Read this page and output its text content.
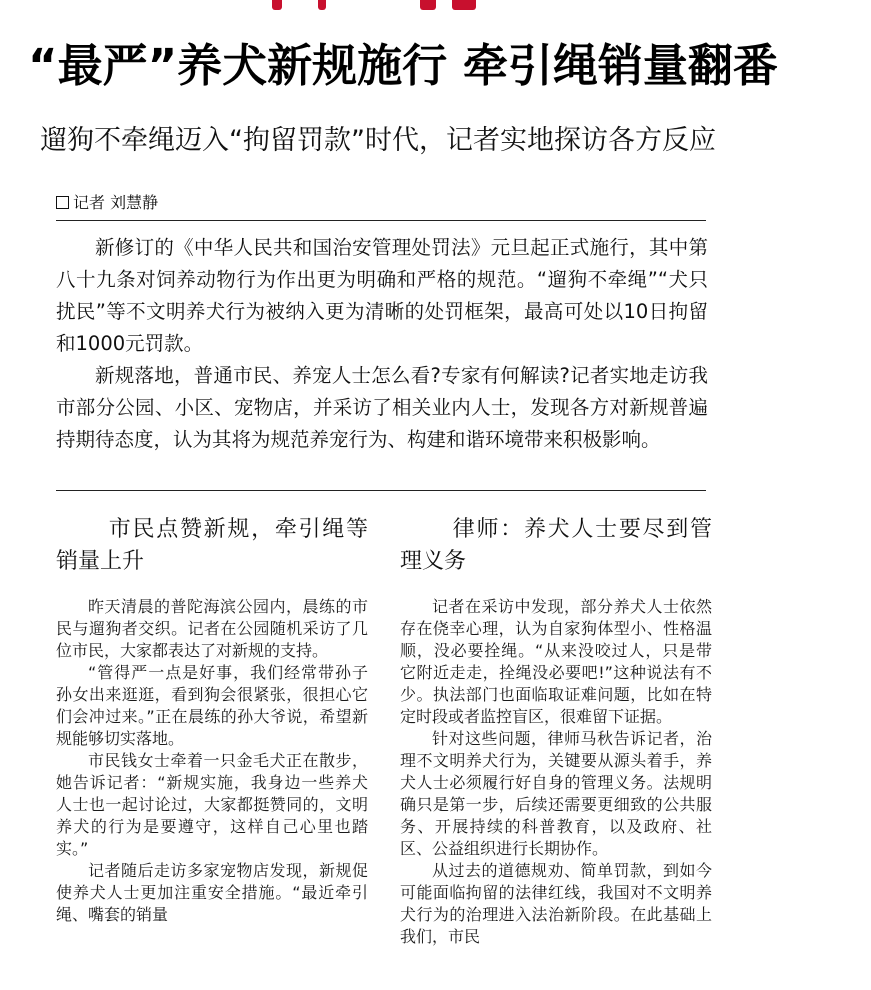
“最严”养犬新规施行 牵引绳销量翻番
遛狗不牵绳迈入“拘留罚款”时代，记者实地探访各方反应
记者 刘慧静

新修订的《中华人民共和国治安管理处罚法》元旦起正式施行，其中第八十九条对饲养动物行为作出更为明确和严格的规范。“遛狗不牵绳”“犬只扰民”等不文明养犬行为被纳入更为清晰的处罚框架，最高可处以10日拘留和1000元罚款。

新规落地，普通市民、养宠人士怎么看?专家有何解读?记者实地走访我市部分公园、小区、宠物店，并采访了相关业内人士，发现各方对新规普遍持期待态度，认为其将为规范养宠行为、构建和谐环境带来积极影响。

市民点赞新规，牵引绳等销量上升

昨天清晨的普陀海滨公园内，晨练的市民与遛狗者交织。记者在公园随机采访了几位市民，大家都表达了对新规的支持。

“管得严一点是好事，我们经常带孙子孙女出来逛逛，看到狗会很紧张，很担心它们会冲过来。”正在晨练的孙大爷说，希望新规能够切实落地。

市民钱女士牵着一只金毛犬正在散步，她告诉记者：“新规实施，我身边一些养犬人士也一起讨论过，大家都挺赞同的，文明养犬的行为是要遵守，这样自己心里也踏实。”

记者随后走访多家宠物店发现，新规促使养犬人士更加注重安全措施。“最近牵引绳、嘴套的销量

律师：养犬人士要尽到管理义务

记者在采访中发现，部分养犬人士依然存在侥幸心理，认为自家狗体型小、性格温顺，没必要拴绳。“从来没咬过人，只是带它附近走走，拴绳没必要吧!”这种说法有不少。执法部门也面临取证难问题，比如在特定时段或者监控盲区，很难留下证据。

针对这些问题，律师马秋告诉记者，治理不文明养犬行为，关键要从源头着手，养犬人士必须履行好自身的管理义务。法规明确只是第一步，后续还需要更细致的公共服务、开展持续的科普教育，以及政府、社区、公益组织进行长期协作。

从过去的道德规劝、简单罚款，到如今可能面临拘留的法律红线，我国对不文明养犬行为的治理进入法治新阶段。在此基础上我们，市民
